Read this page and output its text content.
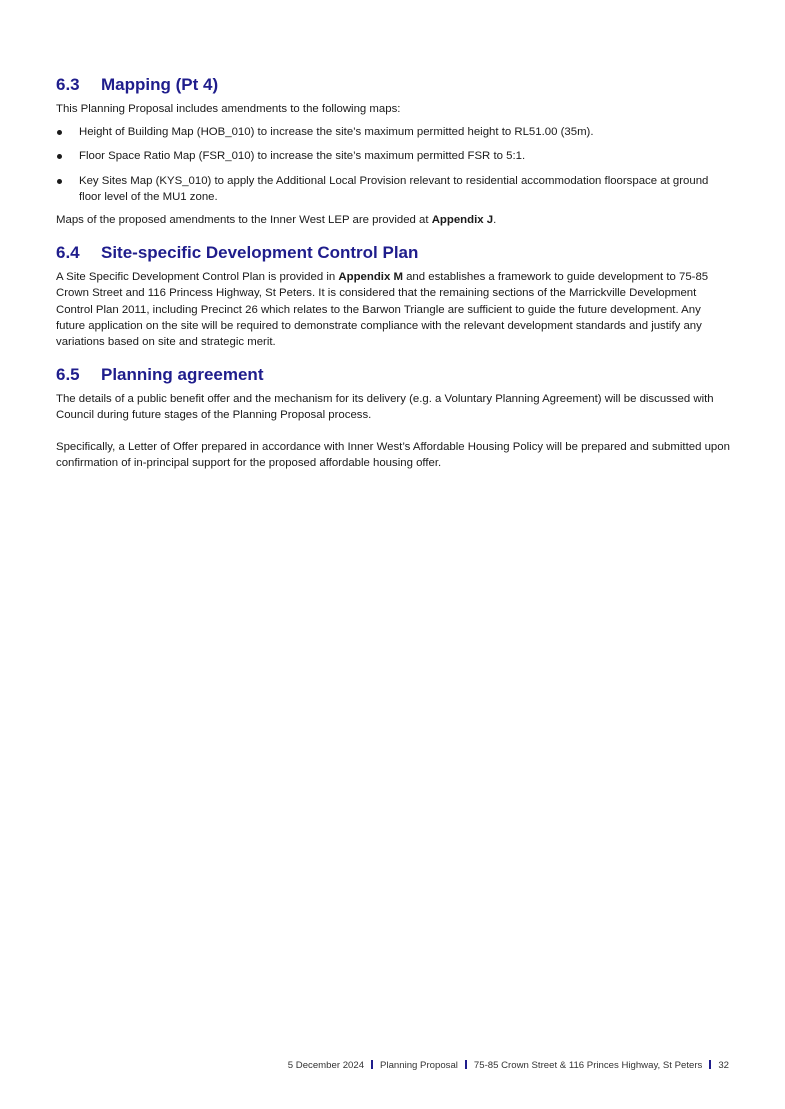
6.3	Mapping (Pt 4)

This Planning Proposal includes amendments to the following maps:

Height of Building Map (HOB_010) to increase the site’s maximum permitted height to RL51.00 (35m).
Floor Space Ratio Map (FSR_010) to increase the site’s maximum permitted FSR to 5:1.
Key Sites Map (KYS_010) to apply the Additional Local Provision relevant to residential accommodation floorspace at ground floor level of the MU1 zone.

Maps of the proposed amendments to the Inner West LEP are provided at Appendix J.

6.4	Site-specific Development Control Plan

A Site Specific Development Control Plan is provided in Appendix M and establishes a framework to guide development to 75-85 Crown Street and 116 Princess Highway, St Peters. It is considered that the remaining sections of the Marrickville Development Control Plan 2011, including Precinct 26 which relates to the Barwon Triangle are sufficient to guide the future development. Any future application on the site will be required to demonstrate compliance with the relevant development standards and justify any variations based on site and strategic merit.

6.5	Planning agreement

The details of a public benefit offer and the mechanism for its delivery (e.g. a Voluntary Planning Agreement) will be discussed with Council during future stages of the Planning Proposal process.

Specifically, a Letter of Offer prepared in accordance with Inner West’s Affordable Housing Policy will be prepared and submitted upon confirmation of in-principal support for the proposed affordable housing offer.

5 December 2024 Planning Proposal 75-85 Crown Street & 116 Princes Highway, St Peters 32
